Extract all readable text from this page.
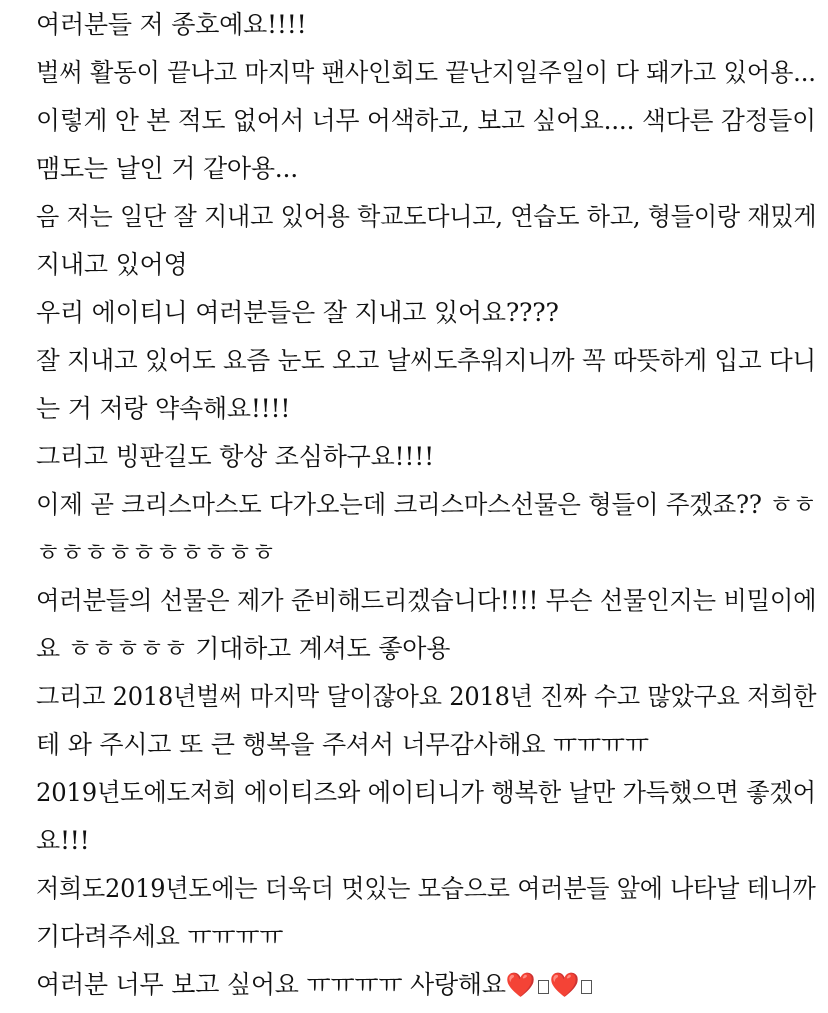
여러분들 저 종호예요!!!!
벌써 활동이 끝나고 마지막 팬사인회도 끝난지일주일이 다 돼가고 있어용...
이렇게 안 본 적도 없어서 너무 어색하고, 보고 싶어요.... 색다른 감정들이
맴도는 날인 거 같아용...
음 저는 일단 잘 지내고 있어용 학교도다니고, 연습도 하고, 형들이랑 재밌게
지내고 있어영
우리 에이티니 여러분들은 잘 지내고 있어요????
잘 지내고 있어도 요즘 눈도 오고 날씨도추워지니까 꼭 따뜻하게 입고 다니
는 거 저랑 약속해요!!!!
그리고 빙판길도 항상 조심하구요!!!!
이제 곧 크리스마스도 다가오는데 크리스마스선물은 형들이 주겠죠?? ㅎㅎ
ㅎㅎㅎㅎㅎㅎㅎㅎㅎㅎ
여러분들의 선물은 제가 준비해드리겠습니다!!!! 무슨 선물인지는 비밀이에
요 ㅎㅎㅎㅎㅎ 기대하고 계셔도 좋아용
그리고 2018년벌써 마지막 달이잖아요 2018년 진짜 수고 많았구요 저희한
테 와 주시고 또 큰 행복을 주셔서 너무감사해요 ㅠㅠㅠㅠ
2019년도에도저희 에이티즈와 에이티니가 행복한 날만 가득했으면 좋겠어
요!!!
저희도2019년도에는 더욱더 멋있는 모습으로 여러분들 앞에 나타날 테니까
기다려주세요 ㅠㅠㅠㅠ
여러분 너무 보고 싶어요 ㅠㅠㅠㅠ 사랑해요❤️ ❤️
